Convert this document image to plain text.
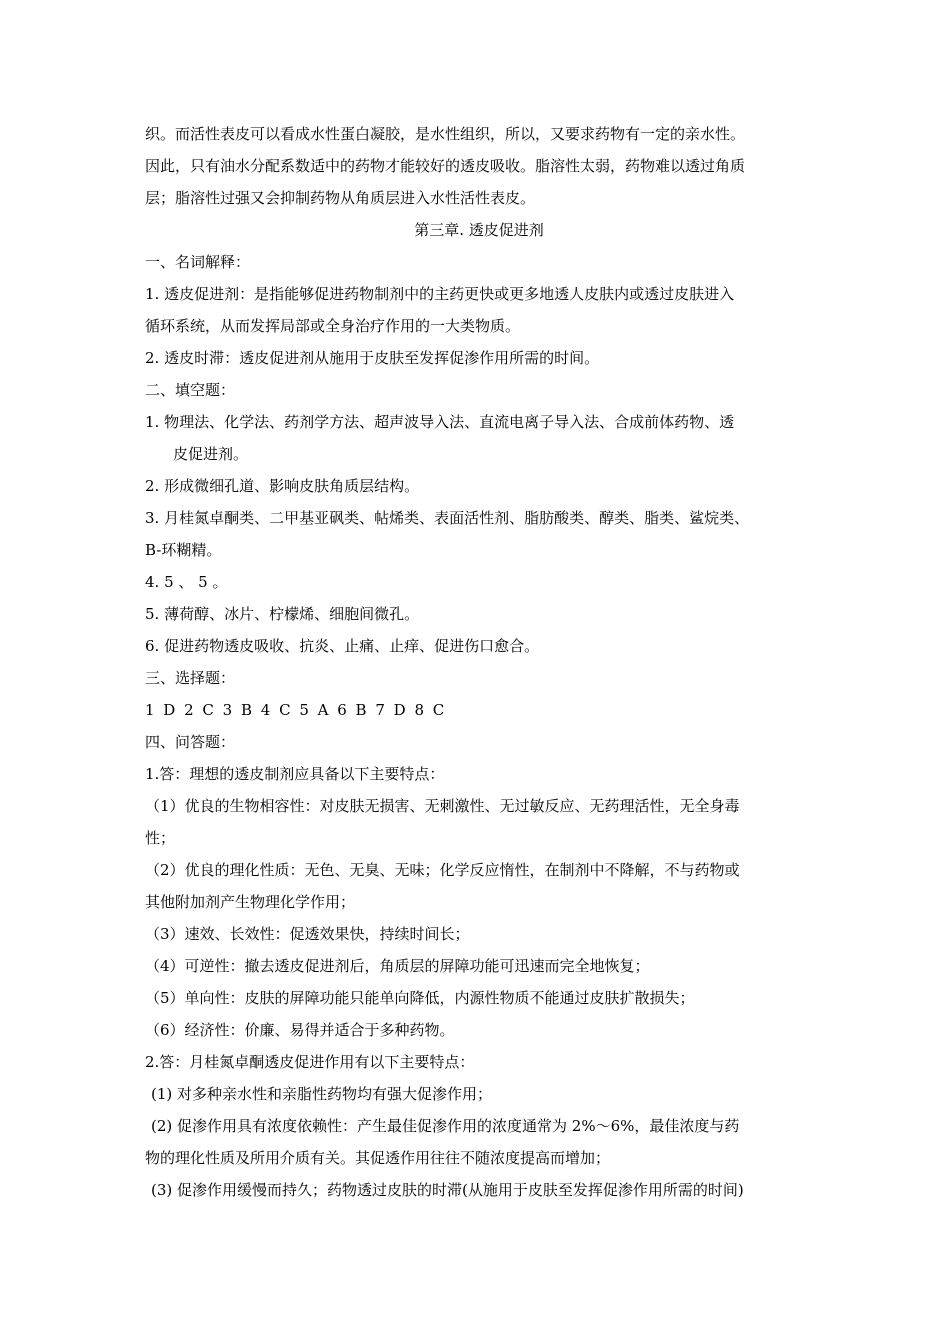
织。而活性表皮可以看成水性蛋白凝胶，是水性组织，所以，又要求药物有一定的亲水性。
因此，只有油水分配系数适中的药物才能较好的透皮吸收。脂溶性太弱，药物难以透过角质
层；脂溶性过强又会抑制药物从角质层进入水性活性表皮。
第三章. 透皮促进剂
一、名词解释：
1. 透皮促进剂：是指能够促进药物制剂中的主药更快或更多地透人皮肤内或透过皮肤进入
循环系统，从而发挥局部或全身治疗作用的一大类物质。
2. 透皮时滞：透皮促进剂从施用于皮肤至发挥促渗作用所需的时间。
二、填空题：
1. 物理法、化学法、药剂学方法、超声波导入法、直流电离子导入法、合成前体药物、透
皮促进剂。
2. 形成微细孔道、影响皮肤角质层结构。
3. 月桂氮卓酮类、二甲基亚砜类、帖烯类、表面活性剂、脂肪酸类、醇类、脂类、鲨烷类、
B-环糊精。
4. 5 、 5 。
5. 薄荷醇、冰片、柠檬烯、细胞间微孔。
6. 促进药物透皮吸收、抗炎、止痛、止痒、促进伤口愈合。
三、选择题：
1 D 2 C 3 B 4 C 5 A 6 B 7 D 8 C
四、问答题：
1.答：理想的透皮制剂应具备以下主要特点：
（1）优良的生物相容性：对皮肤无损害、无刺激性、无过敏反应、无药理活性，无全身毒
性；
（2）优良的理化性质：无色、无臭、无味；化学反应惰性，在制剂中不降解，不与药物或
其他附加剂产生物理化学作用；
（3）速效、长效性：促透效果快，持续时间长；
（4）可逆性：撤去透皮促进剂后，角质层的屏障功能可迅速而完全地恢复；
（5）单向性：皮肤的屏障功能只能单向降低，内源性物质不能通过皮肤扩散损失；
（6）经济性：价廉、易得并适合于多种药物。
2.答：月桂氮卓酮透皮促进作用有以下主要特点：
(1) 对多种亲水性和亲脂性药物均有强大促渗作用；
(2) 促渗作用具有浓度依赖性：产生最佳促渗作用的浓度通常为 2%～6%，最佳浓度与药
物的理化性质及所用介质有关。其促透作用往往不随浓度提高而增加；
(3) 促渗作用缓慢而持久；药物透过皮肤的时滞(从施用于皮肤至发挥促渗作用所需的时间)
